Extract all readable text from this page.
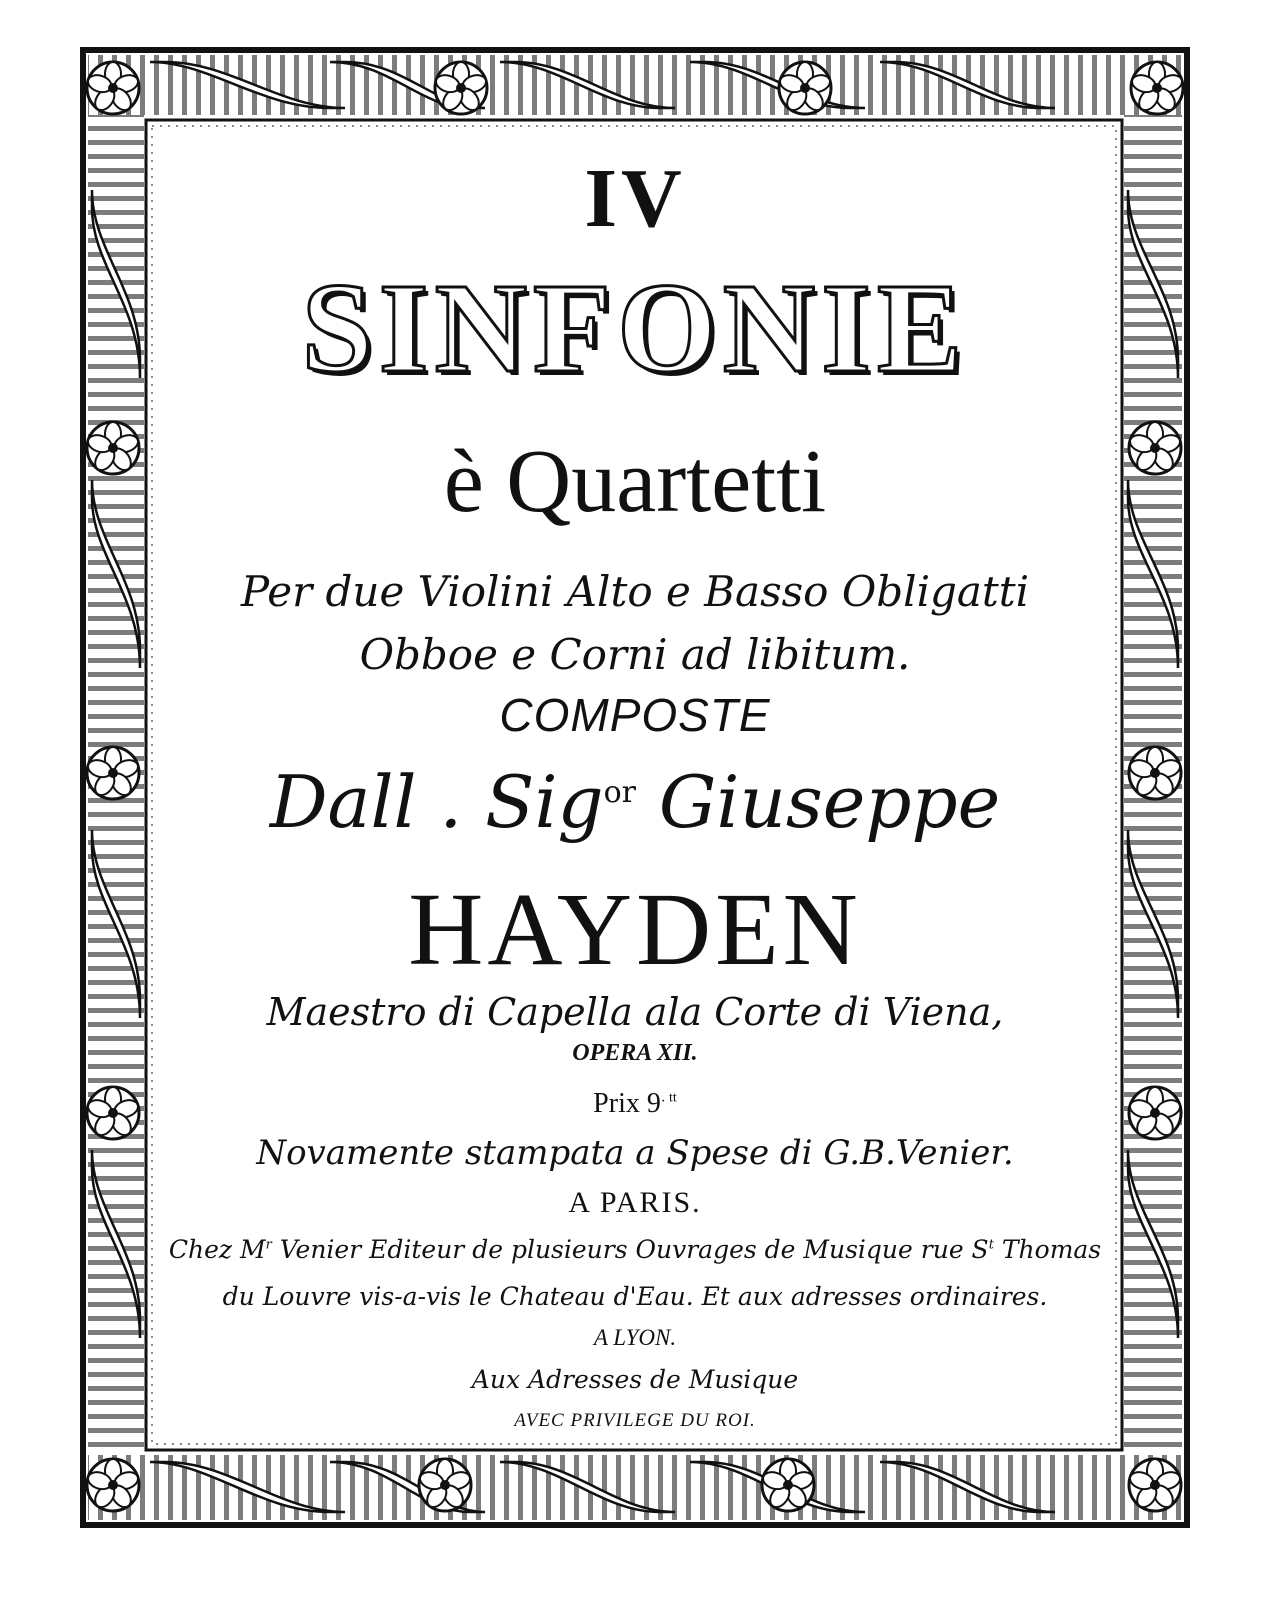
IV
SINFONIE
è Quartetti
Per due Violini Alto e Basso Obligatti
Obboe e Corni ad libitum.
COMPOSTE
Dall . Sig$^{or}$ Giuseppe
HAYDEN
Maestro di Capella ala Corte di Viena,
OPERA XII.
Prix $9^{․ tt}$
Novamente stampata a Spese di G.B.Venier.
A PARIS.
Chez $M^r$ Venier Editeur de plusieurs Ouvrages de Musique rue $S^t$ Thomas
du Louvre vis-a-vis le Chateau d'Eau. Et aux adresses ordinaires.
A LYON.
Aux Adresses de Musique
AVEC PRIVILEGE DU ROI.
